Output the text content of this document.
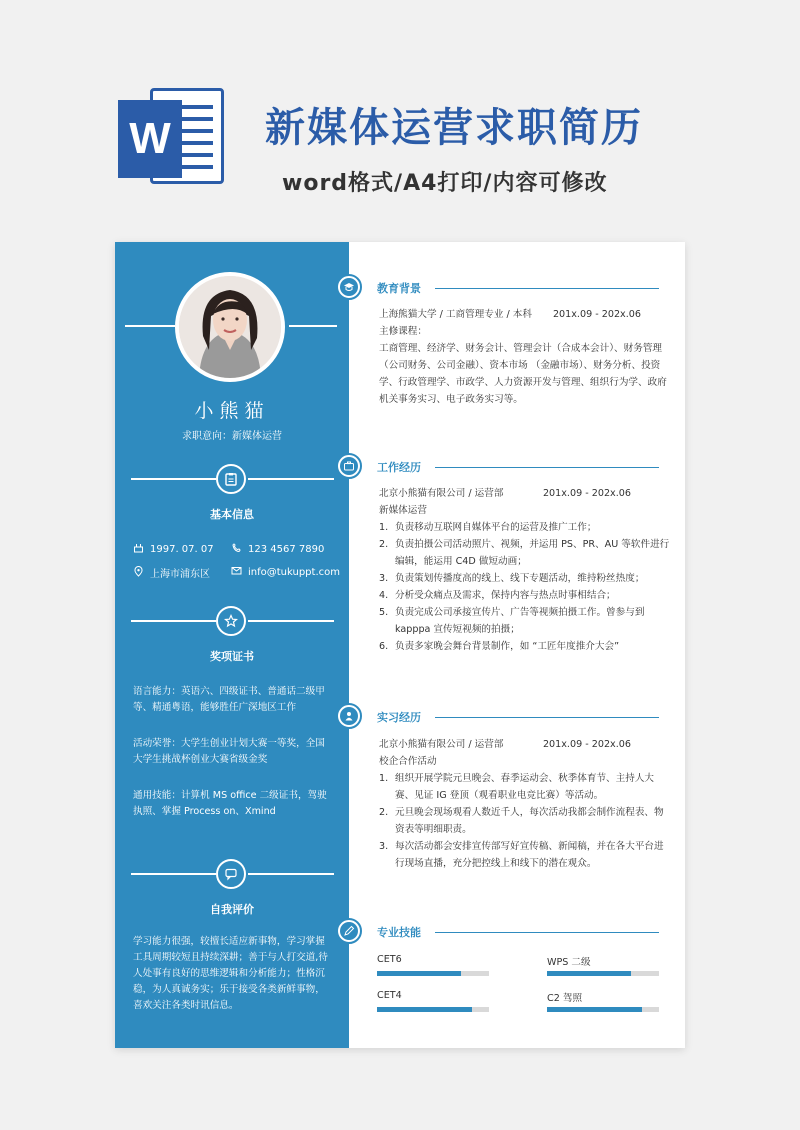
W 新媒体运营求职简历
word格式/A4打印/内容可修改
小熊猫
求职意向：新媒体运营
基本信息
1997. 07. 07	123 4567 7890
上海市浦东区	info@tukuppt.com
奖项证书
语言能力：英语六、四级证书、普通话二级甲等、精通粤语，能够胜任广深地区工作
活动荣誉：大学生创业计划大赛一等奖，全国大学生挑战杯创业大赛省级金奖
通用技能：计算机 MS office 二级证书，驾驶执照、掌握 Process on、Xmind
自我评价
学习能力很强，较擅长适应新事物，学习掌握工具周期较短且持续深耕；善于与人打交道,待人处事有良好的思维逻辑和分析能力；性格沉稳，为人真诚务实；乐于接受各类新鲜事物，喜欢关注各类时讯信息。
教育背景
上海熊猫大学 / 工商管理专业 / 本科 201x.09 - 202x.06
主修课程：
工商管理、经济学、财务会计、管理会计（合成本会计）、财务管理（公司财务、公司金融）、资本市场 （金融市场）、财务分析、投资学、行政管理学、市政学、人力资源开发与管理、组织行为学、政府机关事务实习、电子政务实习等。
工作经历
北京小熊猫有限公司 / 运营部	201x.09 - 202x.06
新媒体运营
1. 负责移动互联网自媒体平台的运营及推广工作；
2. 负责拍摄公司活动照片、视频，并运用 PS、PR、AU 等软件进行编辑，能运用 C4D 做短动画；
3. 负责策划传播度高的线上、线下专题活动，维持粉丝热度；
4. 分析受众痛点及需求，保持内容与热点时事相结合；
5. 负责完成公司承接宣传片、广告等视频拍摄工作。曾参与到 kapppa 宣传短视频的拍摄；
6. 负责多家晚会舞台背景制作，如 “工匠年度推介大会”
实习经历
北京小熊猫有限公司 / 运营部	201x.09 - 202x.06
校企合作活动
1. 组织开展学院元旦晚会、春季运动会、秋季体育节、主持人大赛、见证 IG 登顶（观看职业电竞比赛）等活动。
2. 元旦晚会现场观看人数近千人，每次活动我都会制作流程表、物资表等明细职责。
3. 每次活动都会安排宣传部写好宣传稿、新闻稿，并在各大平台进行现场直播，充分把控线上和线下的潜在观众。
专业技能
CET6	WPS 二级
CET4	C2 驾照
